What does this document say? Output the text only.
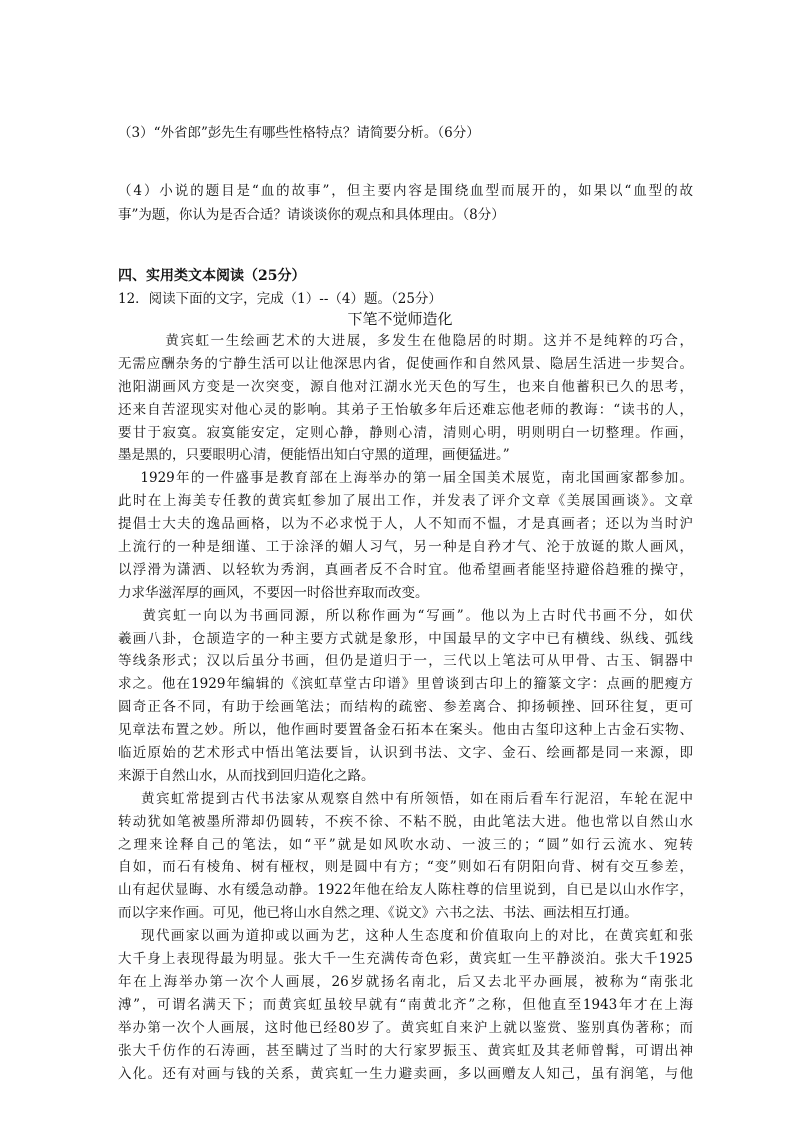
（3）“外省郎”彭先生有哪些性格特点？请简要分析。（6分）
（4）小说的题目是“血的故事”，但主要内容是围绕血型而展开的，如果以“血型的故
事”为题，你认为是否合适？请谈谈你的观点和具体理由。（8分）
四、实用类文本阅读（25分）
12．阅读下面的文字，完成（1）--（4）题。（25分）
下笔不觉师造化
黄宾虹一生绘画艺术的大进展，多发生在他隐居的时期。这并不是纯粹的巧合，
无需应酬杂务的宁静生活可以让他深思内省，促使画作和自然风景、隐居生活进一步契合。
池阳湖画风方变是一次突变，源自他对江湖水光天色的写生，也来自他蓄积已久的思考，
还来自苦涩现实对他心灵的影响。其弟子王怡敏多年后还难忘他老师的教诲：“读书的人，
要甘于寂寞。寂寞能安定，定则心静，静则心清，清则心明，明则明白一切整理。作画，
墨是黑的，只要眼明心清，便能悟出知白守黑的道理，画便猛进。”
1929年的一件盛事是教育部在上海举办的第一届全国美术展览，南北国画家都参加。
此时在上海美专任教的黄宾虹参加了展出工作，并发表了评介文章《美展国画谈》。文章
提倡士大夫的逸品画格，以为不必求悦于人，人不知而不愠，才是真画者；还以为当时沪
上流行的一种是细谨、工于涂泽的媚人习气，另一种是自矜才气、沦于放诞的欺人画风，
以浮滑为潇洒、以轻软为秀润，真画者反不合时宜。他希望画者能坚持避俗趋雅的操守，
力求华滋浑厚的画风，不要因一时俗世弃取而改变。
黄宾虹一向以为书画同源，所以称作画为“写画”。他以为上古时代书画不分，如伏
羲画八卦，仓颉造字的一种主要方式就是象形，中国最早的文字中已有横线、纵线、弧线
等线条形式；汉以后虽分书画，但仍是道归于一，三代以上笔法可从甲骨、古玉、铜器中
求之。他在1929年编辑的《滨虹草堂古印谱》里曾谈到古印上的籀篆文字：点画的肥瘦方
圆奇正各不同，有助于绘画笔法；而结构的疏密、参差离合、抑扬顿挫、回环往复，更可
见章法布置之妙。所以，他作画时要置备金石拓本在案头。他由古玺印这种上古金石实物、
临近原始的艺术形式中悟出笔法要旨，认识到书法、文字、金石、绘画都是同一来源，即
来源于自然山水，从而找到回归造化之路。
黄宾虹常提到古代书法家从观察自然中有所领悟，如在雨后看车行泥沼，车轮在泥中
转动犹如笔被墨所滞却仍圆转，不疾不徐、不粘不脱，由此笔法大进。他也常以自然山水
之理来诠释自己的笔法，如“平”就是如风吹水动、一波三的；“圆”如行云流水、宛转
自如，而石有棱角、树有桠杈，则是圆中有方；“变”则如石有阴阳向背、树有交互参差，
山有起伏显晦、水有缓急动静。1922年他在给友人陈柱尊的信里说到，自已是以山水作字，
而以字来作画。可见，他已将山水自然之理、《说文》六书之法、书法、画法相互打通。
现代画家以画为道抑或以画为艺，这种人生态度和价值取向上的对比，在黄宾虹和张
大千身上表现得最为明显。张大千一生充满传奇色彩，黄宾虹一生平静淡泊。张大千1925
年在上海举办第一次个人画展，26岁就扬名南北，后又去北平办画展，被称为“南张北
溥”，可谓名满天下；而黄宾虹虽较早就有“南黄北齐”之称，但他直至1943年才在上海
举办第一次个人画展，这时他已经80岁了。黄宾虹自来沪上就以鉴赏、鉴别真伪著称；而
张大千仿作的石涛画，甚至瞒过了当时的大行家罗振玉、黄宾虹及其老师曾髯，可谓出神
入化。还有对画与钱的关系，黄宾虹一生力避卖画，多以画赠友人知己，虽有润笔，与他
